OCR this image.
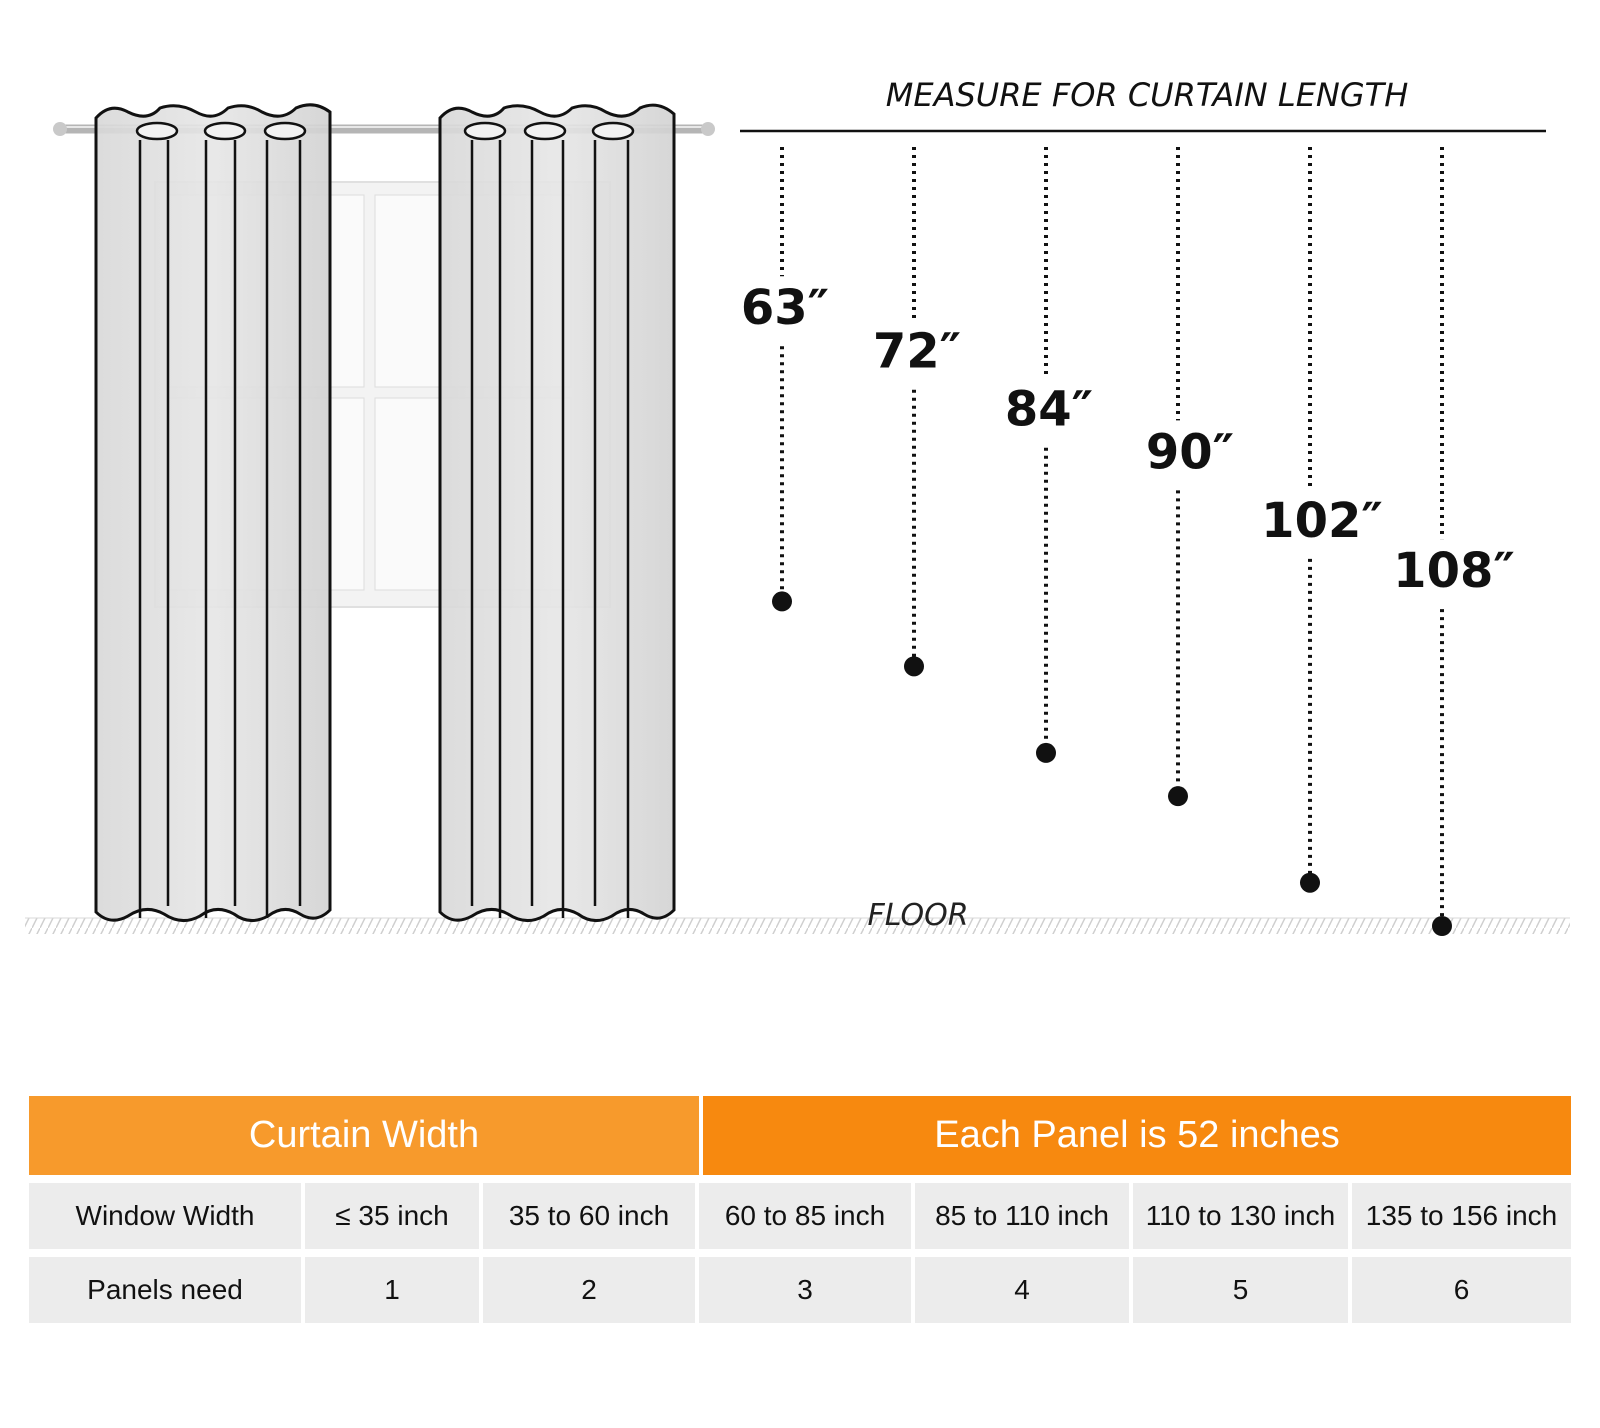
MEASURE FOR CURTAIN LENGTH
FLOOR
63″
72″
84″
90″
102″
108″
Curtain Width			Each Panel is 52 inches			

Window Width	≤ 35 inch	35 to 60 inch	60 to 85 inch	85 to 110 inch	110 to 130 inch	135 to 156 inch

Panels need	1	2	3	4	5	6
